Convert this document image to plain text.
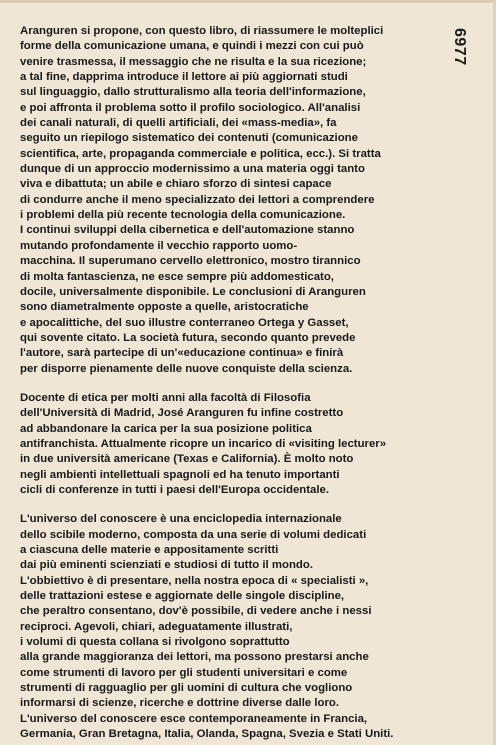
6977
Aranguren si propone, con questo libro, di riassumere le molteplici
forme della comunicazione umana, e quindi i mezzi con cui può
venire trasmessa, il messaggio che ne risulta e la sua ricezione;
a tal fine, dapprima introduce il lettore ai più aggiornati studi
sul linguaggio, dallo strutturalismo alla teoria dell'informazione,
e poi affronta il problema sotto il profilo sociologico. All'analisi
dei canali naturali, di quelli artificiali, dei «mass-media», fa
seguito un riepilogo sistematico dei contenuti (comunicazione
scientifica, arte, propaganda commerciale e politica, ecc.). Si tratta
dunque di un approccio modernissimo a una materia oggi tanto
viva e dibattuta; un abile e chiaro sforzo di sintesi capace
di condurre anche il meno specializzato dei lettori a comprendere
i problemi della più recente tecnologia della comunicazione.
I continui sviluppi della cibernetica e dell'automazione stanno
mutando profondamente il vecchio rapporto uomo-
macchina. Il superumano cervello elettronico, mostro tirannico
di molta fantascienza, ne esce sempre più addomesticato,
docile, universalmente disponibile. Le conclusioni di Aranguren
sono diametralmente opposte a quelle, aristocratiche
e apocalittiche, del suo illustre conterraneo Ortega y Gasset,
qui sovente citato. La società futura, secondo quanto prevede
l'autore, sarà partecipe di un'«educazione continua» e finirà
per disporre pienamente delle nuove conquiste della scienza.
Docente di etica per molti anni alla facoltà di Filosofia
dell'Università di Madrid, José Aranguren fu infine costretto
ad abbandonare la carica per la sua posizione politica
antifranchista. Attualmente ricopre un incarico di «visiting lecturer»
in due università americane (Texas e California). È molto noto
negli ambienti intellettuali spagnoli ed ha tenuto importanti
cicli di conferenze in tutti i paesi dell'Europa occidentale.
L'universo del conoscere è una enciclopedia internazionale
dello scibile moderno, composta da una serie di volumi dedicati
a ciascuna delle materie e appositamente scritti
dai più eminenti scienziati e studiosi di tutto il mondo.
L'obbiettivo è di presentare, nella nostra epoca di « specialisti »,
delle trattazioni estese e aggiornate delle singole discipline,
che peraltro consentano, dov'è possibile, di vedere anche i nessi
reciproci. Agevoli, chiari, adeguatamente illustrati,
i volumi di questa collana si rivolgono soprattutto
alla grande maggioranza dei lettori, ma possono prestarsi anche
come strumenti di lavoro per gli studenti universitari e come
strumenti di ragguaglio per gli uomini di cultura che vogliono
informarsi di scienze, ricerche e dottrine diverse dalle loro.
L'universo del conoscere esce contemporaneamente in Francia,
Germania, Gran Bretagna, Italia, Olanda, Spagna, Svezia e Stati Uniti.
